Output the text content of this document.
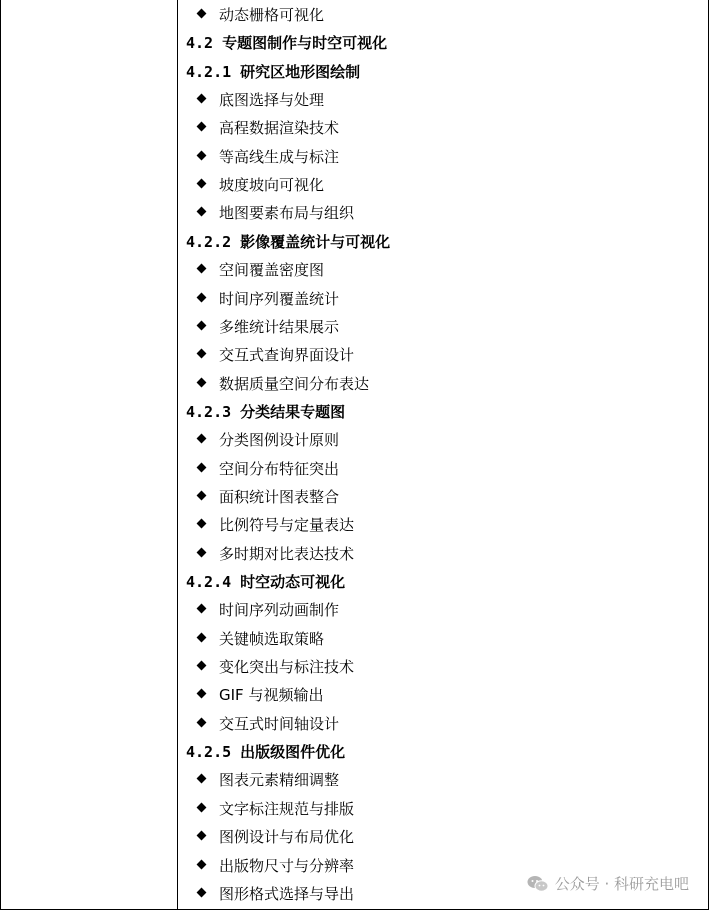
动态栅格可视化
4.2 专题图制作与时空可视化
4.2.1 研究区地形图绘制
底图选择与处理
高程数据渲染技术
等高线生成与标注
坡度坡向可视化
地图要素布局与组织
4.2.2 影像覆盖统计与可视化
空间覆盖密度图
时间序列覆盖统计
多维统计结果展示
交互式查询界面设计
数据质量空间分布表达
4.2.3 分类结果专题图
分类图例设计原则
空间分布特征突出
面积统计图表整合
比例符号与定量表达
多时期对比表达技术
4.2.4 时空动态可视化
时间序列动画制作
关键帧选取策略
变化突出与标注技术
GIF 与视频输出
交互式时间轴设计
4.2.5 出版级图件优化
图表元素精细调整
文字标注规范与排版
图例设计与布局优化
出版物尺寸与分辨率
图形格式选择与导出
公众号 · 科研充电吧
